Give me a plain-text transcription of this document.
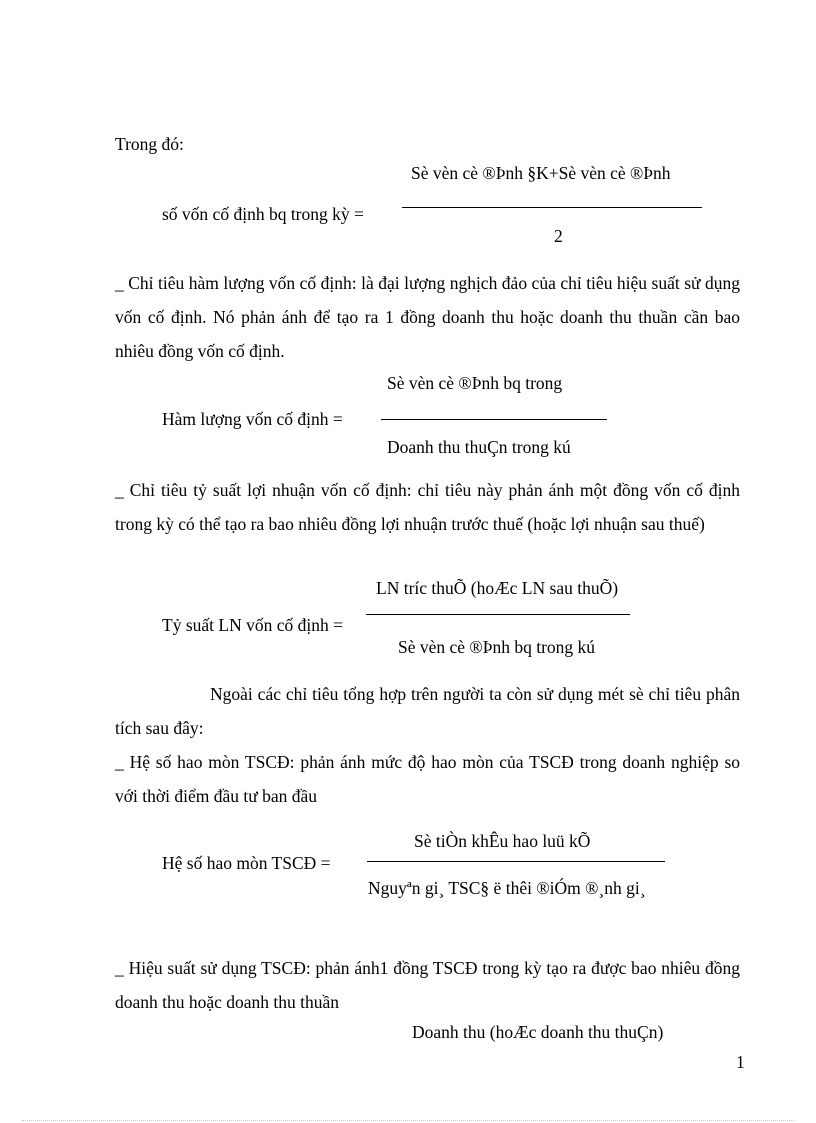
Trong đó:
Sè vèn cè ®Þnh §K+Sè vèn cè ®Þnh
số vốn cố định bq trong kỳ =
2
_ Chỉ tiêu hàm lượng vốn cố định: là đại lượng nghịch đảo của chỉ tiêu hiệu suất sử dụng vốn cố định. Nó phản ánh để tạo ra 1 đồng doanh thu hoặc doanh thu thuần cần bao nhiêu đồng vốn cố định.
Sè vèn cè ®Þnh bq trong
Hàm lượng vốn cố định =
Doanh thu thuÇn trong kú
_ Chỉ tiêu tỷ suất lợi nhuận vốn cố định: chỉ tiêu này phản ánh một đồng vốn cố định trong kỳ có thể tạo ra bao nhiêu đồng lợi nhuận trước thuế (hoặc lợi nhuận sau thuế)
LN tríc thuÕ (hoÆc LN sau thuÕ)
Tỷ suất LN vốn cố định =
Sè vèn cè ®Þnh bq trong kú
Ngoài các chỉ tiêu tổng hợp trên người ta còn sử dụng mét sè chỉ tiêu phân tích sau đây:
_ Hệ số hao mòn TSCĐ: phản ánh mức độ hao mòn của TSCĐ trong doanh nghiệp so với thời điểm đầu tư ban đầu
Sè tiÒn khÊu hao luü kÕ
Hệ số hao mòn TSCĐ =
Nguyªn gi¸ TSC§ ë thêi ®iÓm ®¸nh gi¸
_ Hiệu suất sử dụng TSCĐ: phản ánh1 đồng TSCĐ trong kỳ tạo ra được bao nhiêu đồng doanh thu hoặc doanh thu thuần
Doanh thu (hoÆc doanh thu thuÇn)
1
